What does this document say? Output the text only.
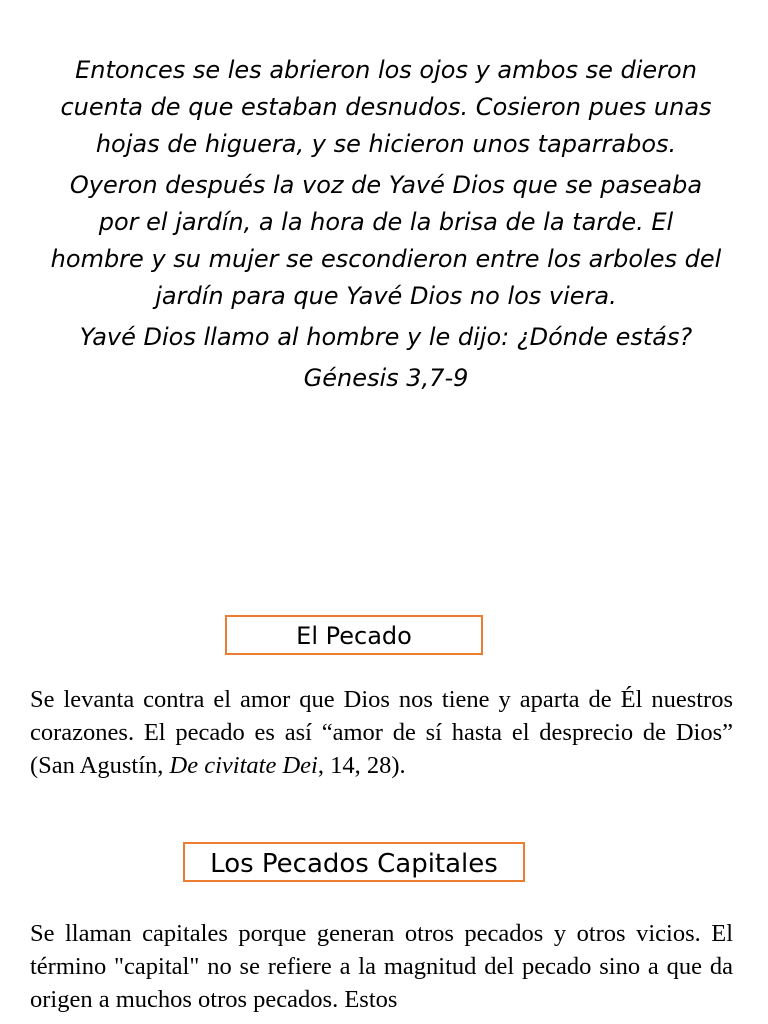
Entonces se les abrieron los ojos y ambos se dieron cuenta de que estaban desnudos. Cosieron pues unas hojas de higuera, y se hicieron unos taparrabos.

Oyeron después la voz de Yavé Dios que se paseaba por el jardín, a la hora de la brisa de la tarde. El hombre y su mujer se escondieron entre los arboles del jardín para que Yavé Dios no los viera.

Yavé Dios llamo al hombre y le dijo: ¿Dónde estás?

Génesis 3,7-9

El Pecado

Se levanta contra el amor que Dios nos tiene y aparta de Él nuestros corazones. El pecado es así “amor de sí hasta el desprecio de Dios” (San Agustín, De civitate Dei, 14, 28).

Los Pecados Capitales

Se llaman capitales porque generan otros pecados y otros vicios. El término "capital" no se refiere a la magnitud del pecado sino a que da origen a muchos otros pecados. Estos
